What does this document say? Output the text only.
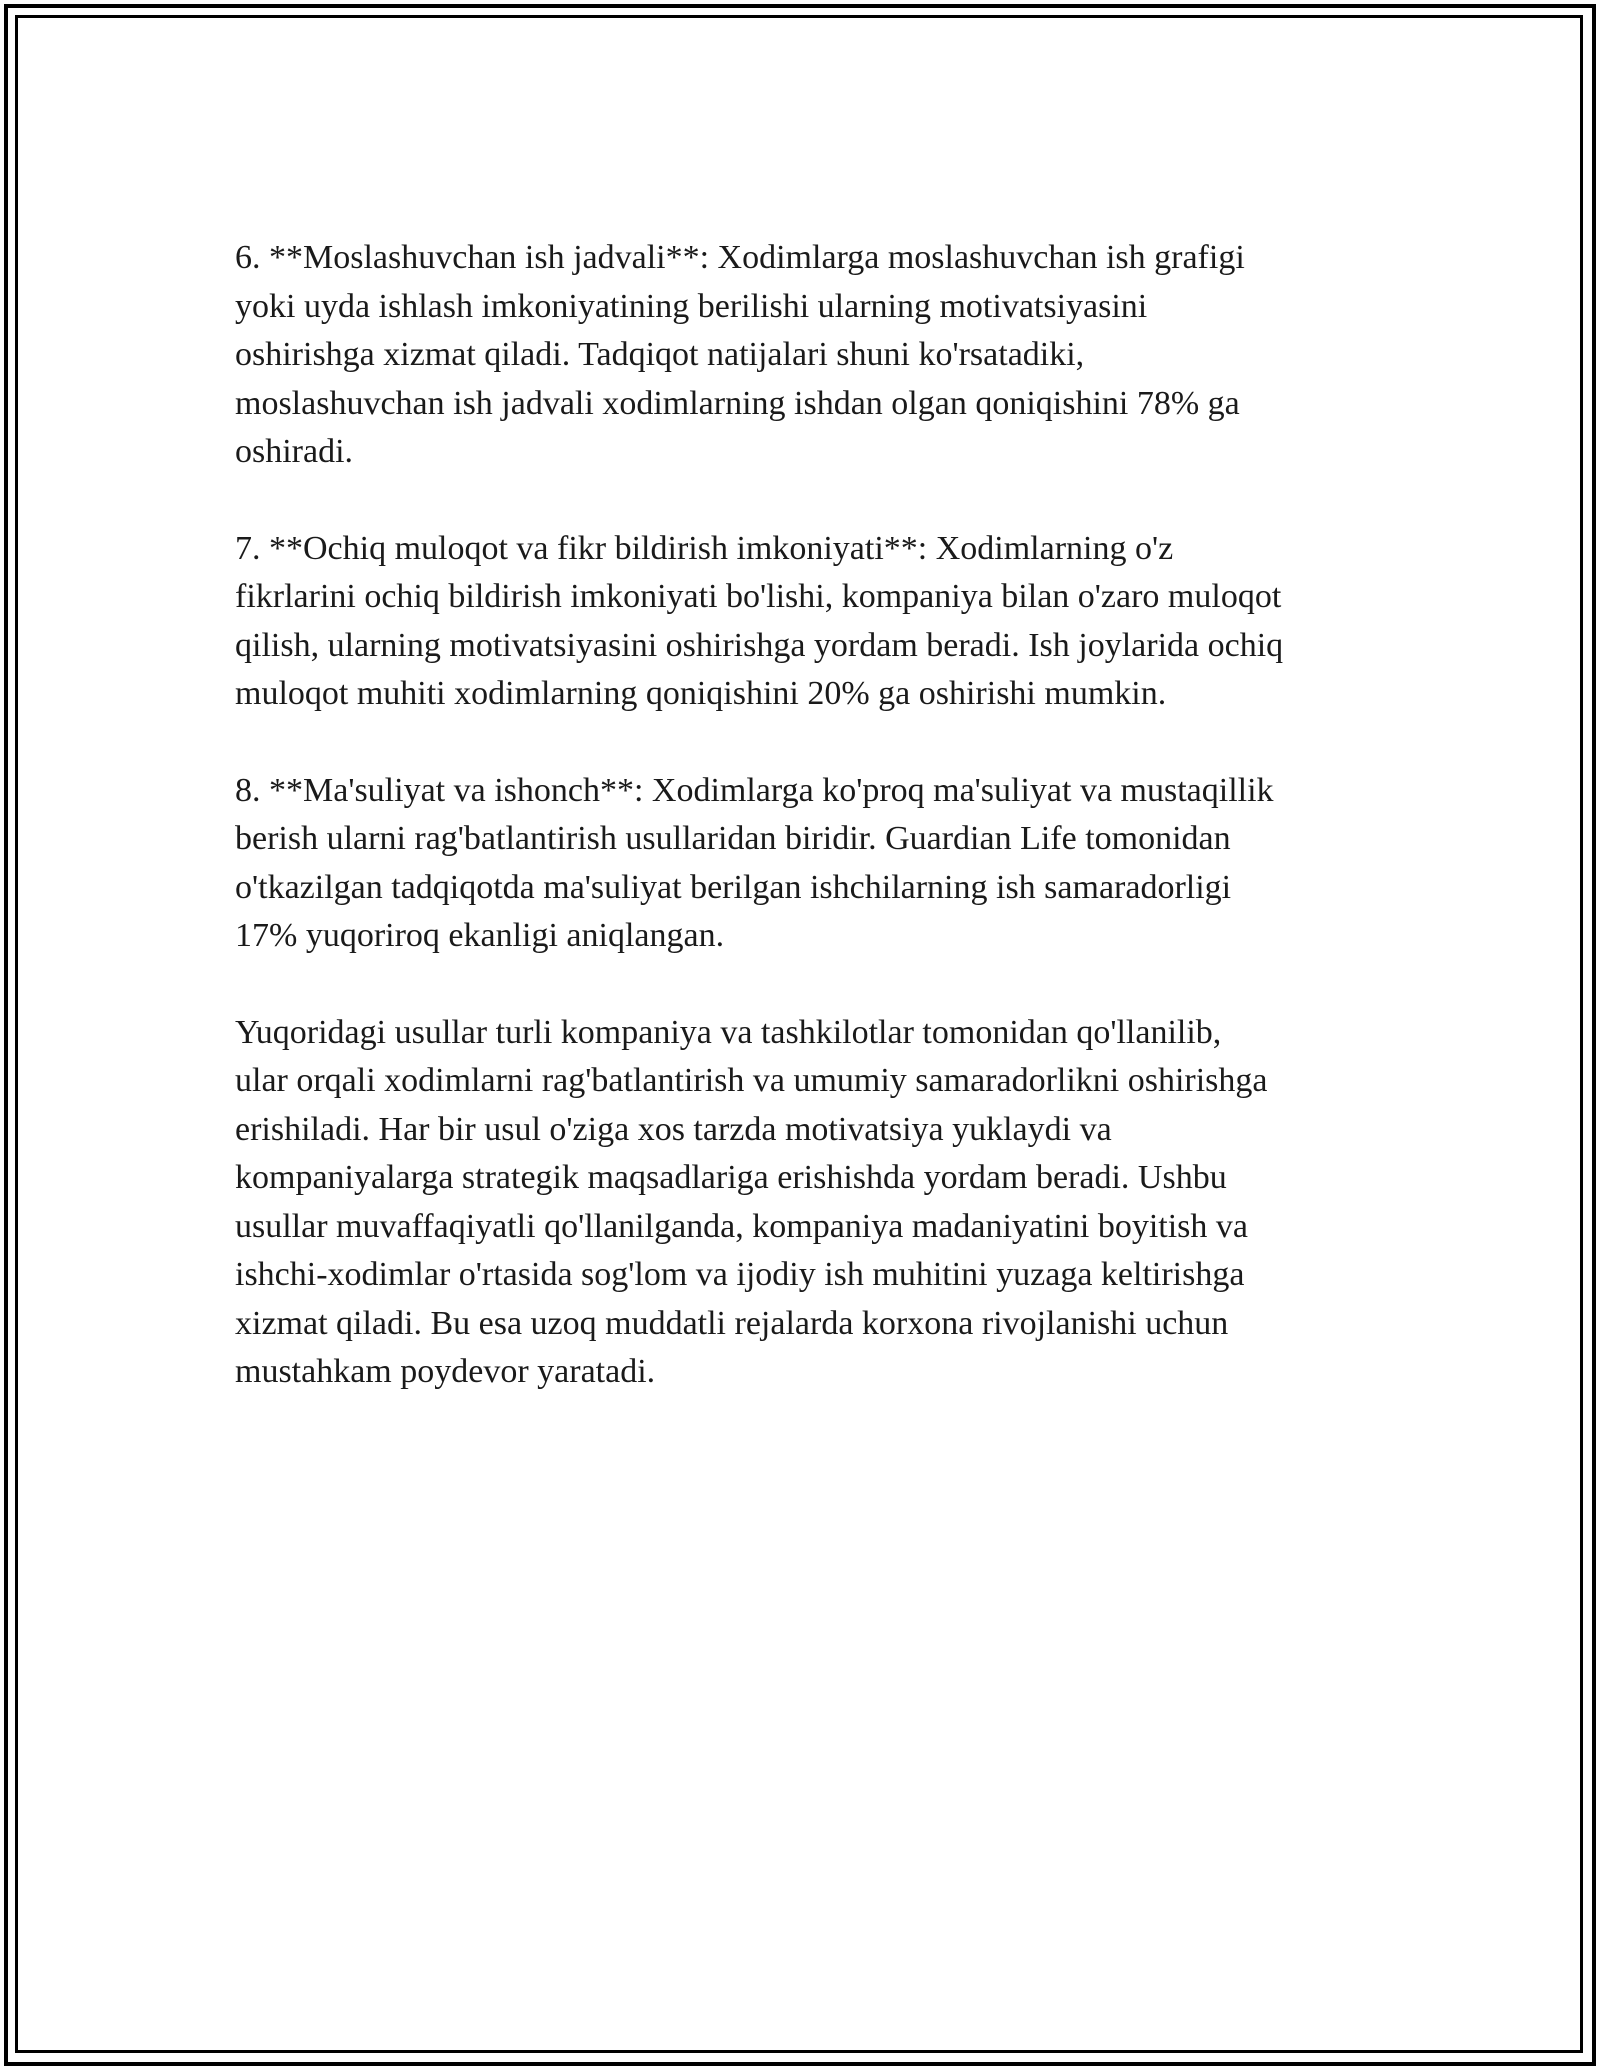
6. **Moslashuvchan ish jadvali**: Xodimlarga moslashuvchan ish grafigi
yoki uyda ishlash imkoniyatining berilishi ularning motivatsiyasini
oshirishga xizmat qiladi. Tadqiqot natijalari shuni ko'rsatadiki,
moslashuvchan ish jadvali xodimlarning ishdan olgan qoniqishini 78% ga
oshiradi.

7. **Ochiq muloqot va fikr bildirish imkoniyati**: Xodimlarning o'z
fikrlarini ochiq bildirish imkoniyati bo'lishi, kompaniya bilan o'zaro muloqot
qilish, ularning motivatsiyasini oshirishga yordam beradi. Ish joylarida ochiq
muloqot muhiti xodimlarning qoniqishini 20% ga oshirishi mumkin.

8. **Ma'suliyat va ishonch**: Xodimlarga ko'proq ma'suliyat va mustaqillik
berish ularni rag'batlantirish usullaridan biridir. Guardian Life tomonidan
o'tkazilgan tadqiqotda ma'suliyat berilgan ishchilarning ish samaradorligi
17% yuqoriroq ekanligi aniqlangan.

Yuqoridagi usullar turli kompaniya va tashkilotlar tomonidan qo'llanilib,
ular orqali xodimlarni rag'batlantirish va umumiy samaradorlikni oshirishga
erishiladi. Har bir usul o'ziga xos tarzda motivatsiya yuklaydi va
kompaniyalarga strategik maqsadlariga erishishda yordam beradi. Ushbu
usullar muvaffaqiyatli qo'llanilganda, kompaniya madaniyatini boyitish va
ishchi-xodimlar o'rtasida sog'lom va ijodiy ish muhitini yuzaga keltirishga
xizmat qiladi. Bu esa uzoq muddatli rejalarda korxona rivojlanishi uchun
mustahkam poydevor yaratadi.
